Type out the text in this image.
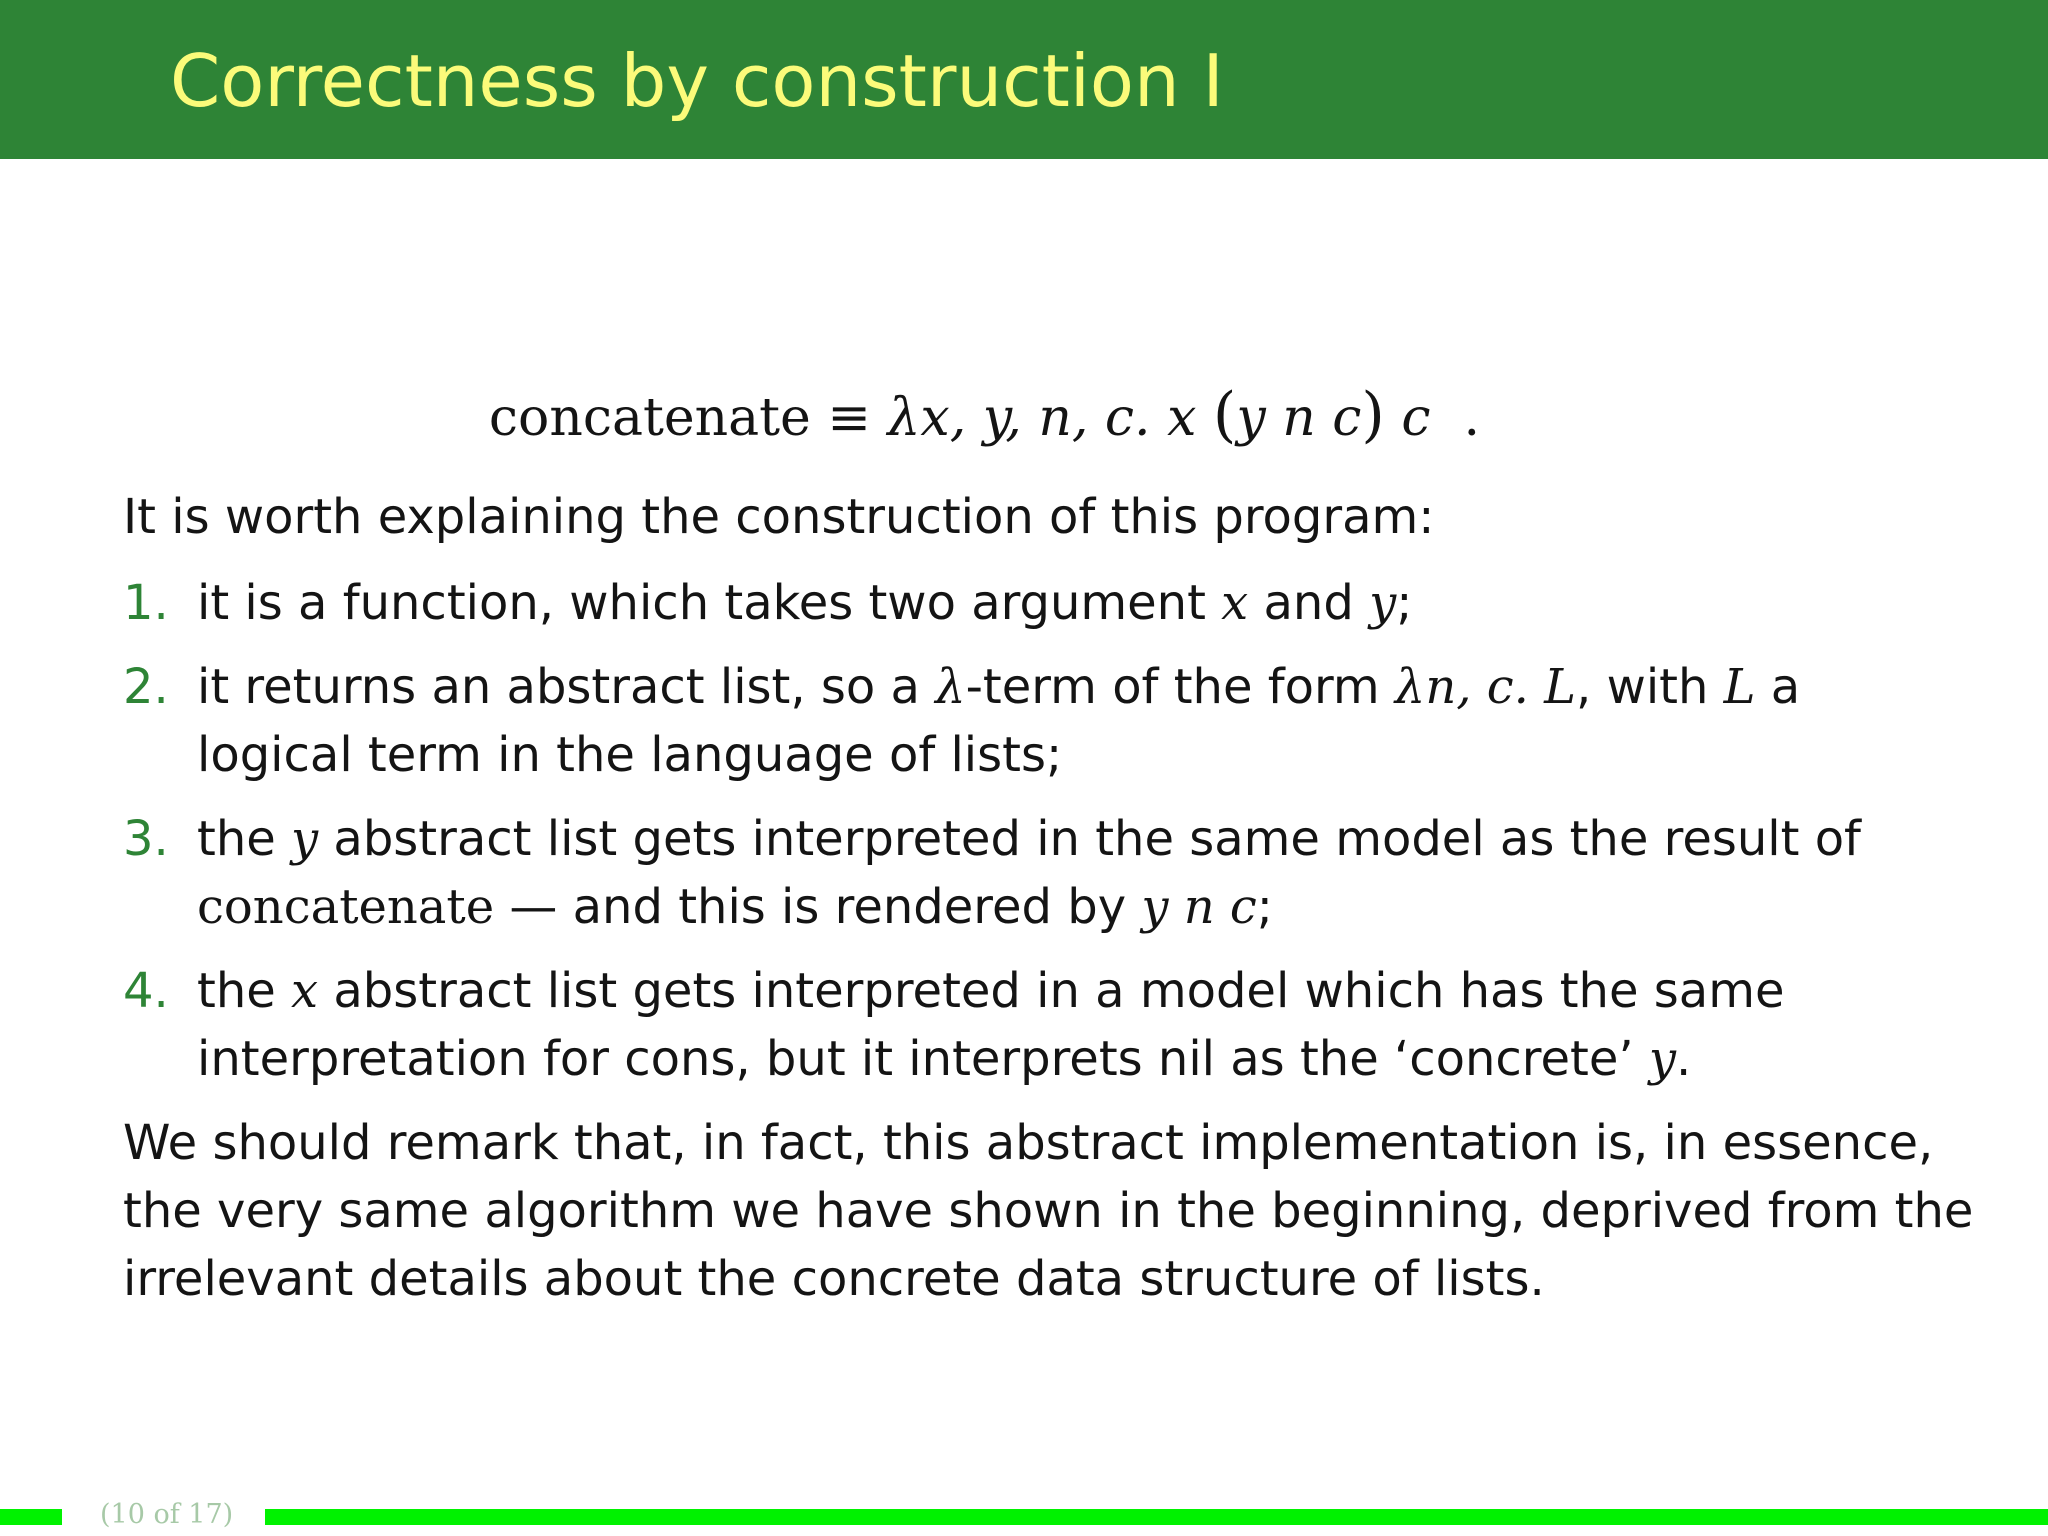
Correctness by construction I
concatenate ≡ λx, y, n, c. x (y n c) c .
It is worth explaining the construction of this program:
1. it is a function, which takes two argument x and y;
2. it returns an abstract list, so a λ-term of the form λn, c. L, with L a
logical term in the language of lists;
3. the y abstract list gets interpreted in the same model as the result of
concatenate — and this is rendered by y n c;
4. the x abstract list gets interpreted in a model which has the same
interpretation for cons, but it interprets nil as the ‘concrete’ y.
We should remark that, in fact, this abstract implementation is, in essence,
the very same algorithm we have shown in the beginning, deprived from the
irrelevant details about the concrete data structure of lists.
(10 of 17)
